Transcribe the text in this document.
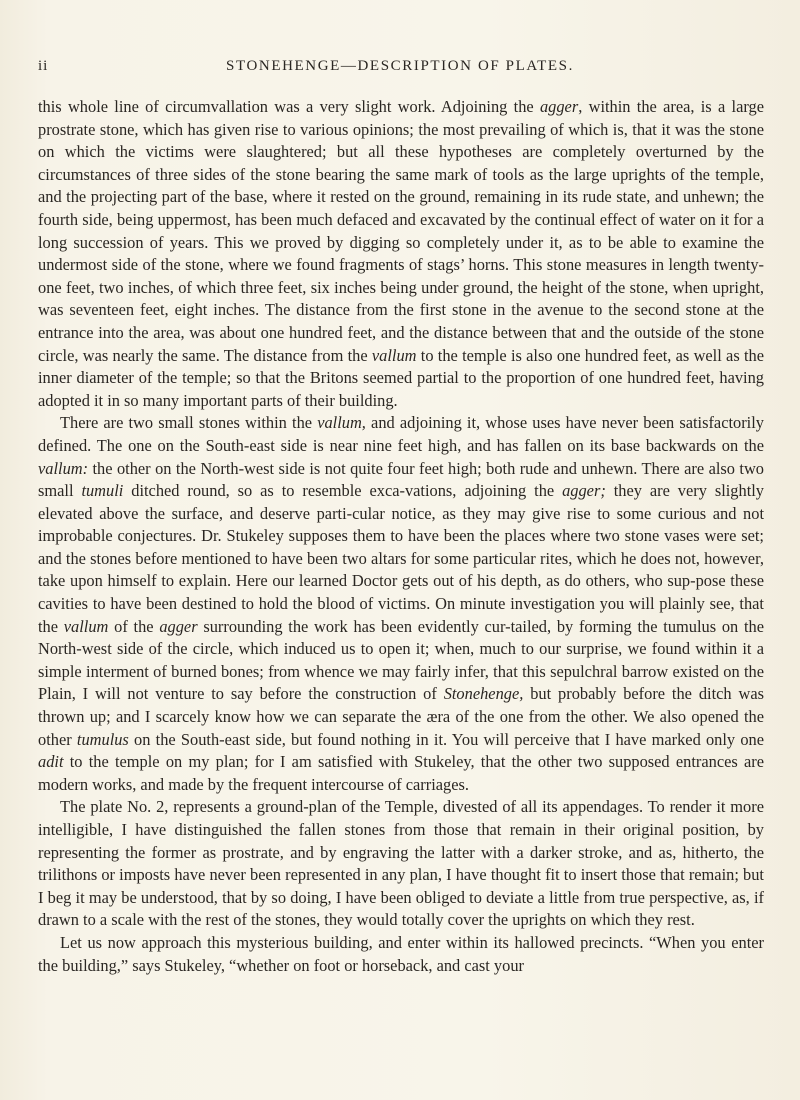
ii	STONEHENGE—DESCRIPTION OF PLATES.

this whole line of circumvallation was a very slight work. Adjoining the agger, within the area, is a large prostrate stone, which has given rise to various opinions; the most prevailing of which is, that it was the stone on which the victims were slaughtered; but all these hypotheses are completely overturned by the circumstances of three sides of the stone bearing the same mark of tools as the large uprights of the temple, and the projecting part of the base, where it rested on the ground, remaining in its rude state, and unhewn; the fourth side, being uppermost, has been much defaced and excavated by the continual effect of water on it for a long succession of years. This we proved by digging so completely under it, as to be able to examine the undermost side of the stone, where we found fragments of stags’ horns. This stone measures in length twenty-one feet, two inches, of which three feet, six inches being under ground, the height of the stone, when upright, was seventeen feet, eight inches. The distance from the first stone in the avenue to the second stone at the entrance into the area, was about one hundred feet, and the distance between that and the outside of the stone circle, was nearly the same. The distance from the vallum to the temple is also one hundred feet, as well as the inner diameter of the temple; so that the Britons seemed partial to the proportion of one hundred feet, having adopted it in so many important parts of their building.

There are two small stones within the vallum, and adjoining it, whose uses have never been satisfactorily defined. The one on the South-east side is near nine feet high, and has fallen on its base backwards on the vallum: the other on the North-west side is not quite four feet high; both rude and unhewn. There are also two small tumuli ditched round, so as to resemble exca-vations, adjoining the agger; they are very slightly elevated above the surface, and deserve parti-cular notice, as they may give rise to some curious and not improbable conjectures. Dr. Stukeley supposes them to have been the places where two stone vases were set; and the stones before mentioned to have been two altars for some particular rites, which he does not, however, take upon himself to explain. Here our learned Doctor gets out of his depth, as do others, who sup-pose these cavities to have been destined to hold the blood of victims. On minute investigation you will plainly see, that the vallum of the agger surrounding the work has been evidently cur-tailed, by forming the tumulus on the North-west side of the circle, which induced us to open it; when, much to our surprise, we found within it a simple interment of burned bones; from whence we may fairly infer, that this sepulchral barrow existed on the Plain, I will not venture to say before the construction of Stonehenge, but probably before the ditch was thrown up; and I scarcely know how we can separate the æra of the one from the other. We also opened the other tumulus on the South-east side, but found nothing in it. You will perceive that I have marked only one adit to the temple on my plan; for I am satisfied with Stukeley, that the other two supposed entrances are modern works, and made by the frequent intercourse of carriages.

The plate No. 2, represents a ground-plan of the Temple, divested of all its appendages. To render it more intelligible, I have distinguished the fallen stones from those that remain in their original position, by representing the former as prostrate, and by engraving the latter with a darker stroke, and as, hitherto, the trilithons or imposts have never been represented in any plan, I have thought fit to insert those that remain; but I beg it may be understood, that by so doing, I have been obliged to deviate a little from true perspective, as, if drawn to a scale with the rest of the stones, they would totally cover the uprights on which they rest.

Let us now approach this mysterious building, and enter within its hallowed precincts. “When you enter the building,” says Stukeley, “whether on foot or horseback, and cast your
